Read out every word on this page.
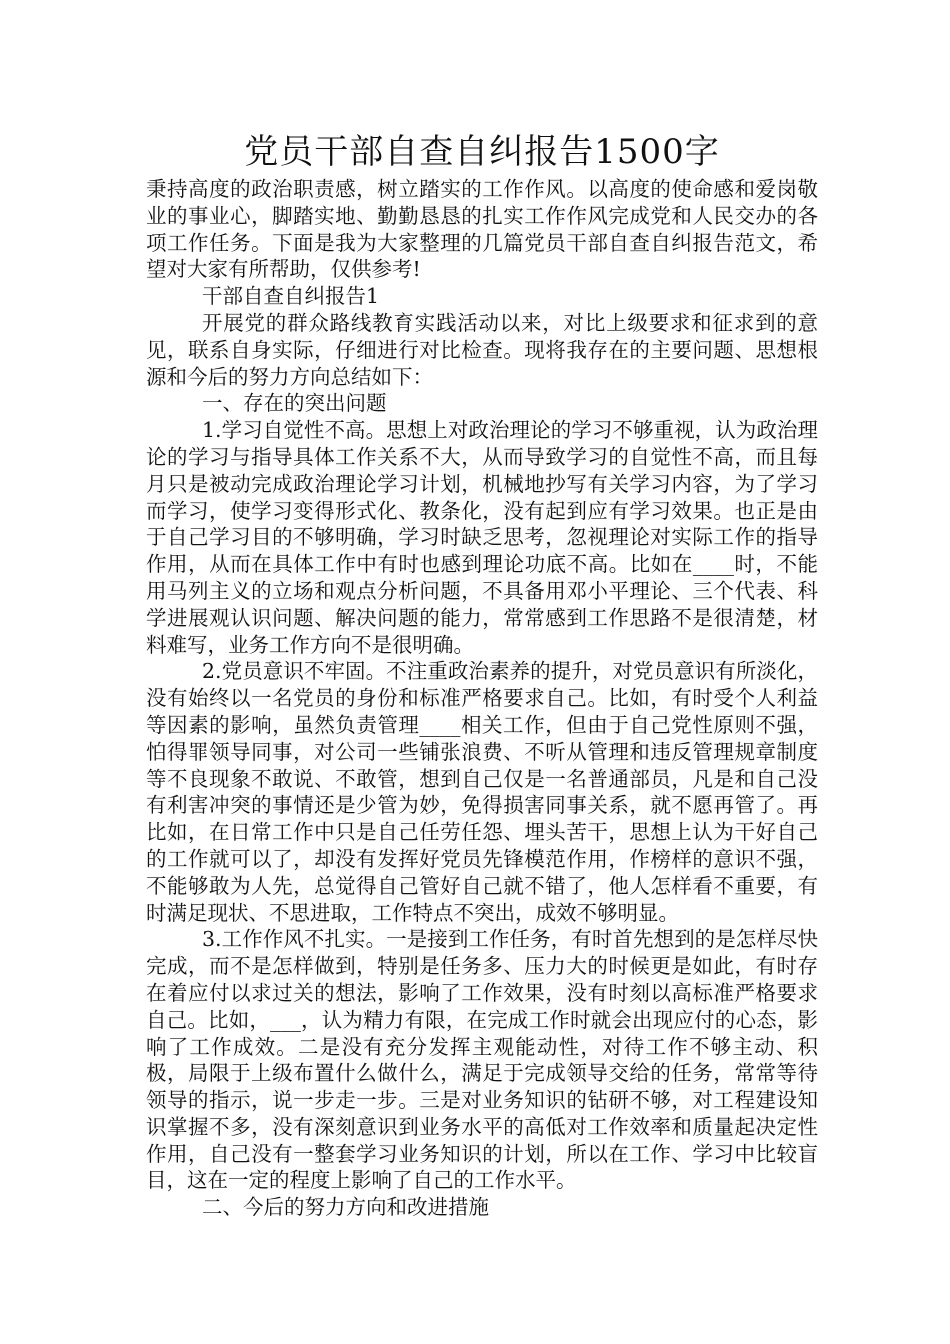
党员干部自查自纠报告1500字

秉持高度的政治职责感，树立踏实的工作作风。以高度的使命感和爱岗敬业的事业心，脚踏实地、勤勤恳恳的扎实工作作风完成党和人民交办的各项工作任务。下面是我为大家整理的几篇党员干部自查自纠报告范文，希望对大家有所帮助，仅供参考!

干部自查自纠报告1

开展党的群众路线教育实践活动以来，对比上级要求和征求到的意见，联系自身实际，仔细进行对比检查。现将我存在的主要问题、思想根源和今后的努力方向总结如下：

一、存在的突出问题

1.学习自觉性不高。思想上对政治理论的学习不够重视，认为政治理论的学习与指导具体工作关系不大，从而导致学习的自觉性不高，而且每月只是被动完成政治理论学习计划，机械地抄写有关学习内容，为了学习而学习，使学习变得形式化、教条化，没有起到应有学习效果。也正是由于自己学习目的不够明确，学习时缺乏思考，忽视理论对实际工作的指导作用，从而在具体工作中有时也感到理论功底不高。比如在____时，不能用马列主义的立场和观点分析问题，不具备用邓小平理论、三个代表、科学进展观认识问题、解决问题的能力，常常感到工作思路不是很清楚，材料难写，业务工作方向不是很明确。

2.党员意识不牢固。不注重政治素养的提升，对党员意识有所淡化，没有始终以一名党员的身份和标准严格要求自己。比如，有时受个人利益等因素的影响，虽然负责管理____相关工作，但由于自己党性原则不强，怕得罪领导同事，对公司一些铺张浪费、不听从管理和违反管理规章制度等不良现象不敢说、不敢管，想到自己仅是一名普通部员，凡是和自己没有利害冲突的事情还是少管为妙，免得损害同事关系，就不愿再管了。再比如，在日常工作中只是自己任劳任怨、埋头苦干，思想上认为干好自己的工作就可以了，却没有发挥好党员先锋模范作用，作榜样的意识不强，不能够敢为人先，总觉得自己管好自己就不错了，他人怎样看不重要，有时满足现状、不思进取，工作特点不突出，成效不够明显。

3.工作作风不扎实。一是接到工作任务，有时首先想到的是怎样尽快完成，而不是怎样做到，特别是任务多、压力大的时候更是如此，有时存在着应付以求过关的想法，影响了工作效果，没有时刻以高标准严格要求自己。比如，___，认为精力有限，在完成工作时就会出现应付的心态，影响了工作成效。二是没有充分发挥主观能动性，对待工作不够主动、积极，局限于上级布置什么做什么，满足于完成领导交给的任务，常常等待领导的指示，说一步走一步。三是对业务知识的钻研不够，对工程建设知识掌握不多，没有深刻意识到业务水平的高低对工作效率和质量起决定性作用，自己没有一整套学习业务知识的计划，所以在工作、学习中比较盲目，这在一定的程度上影响了自己的工作水平。

二、今后的努力方向和改进措施
